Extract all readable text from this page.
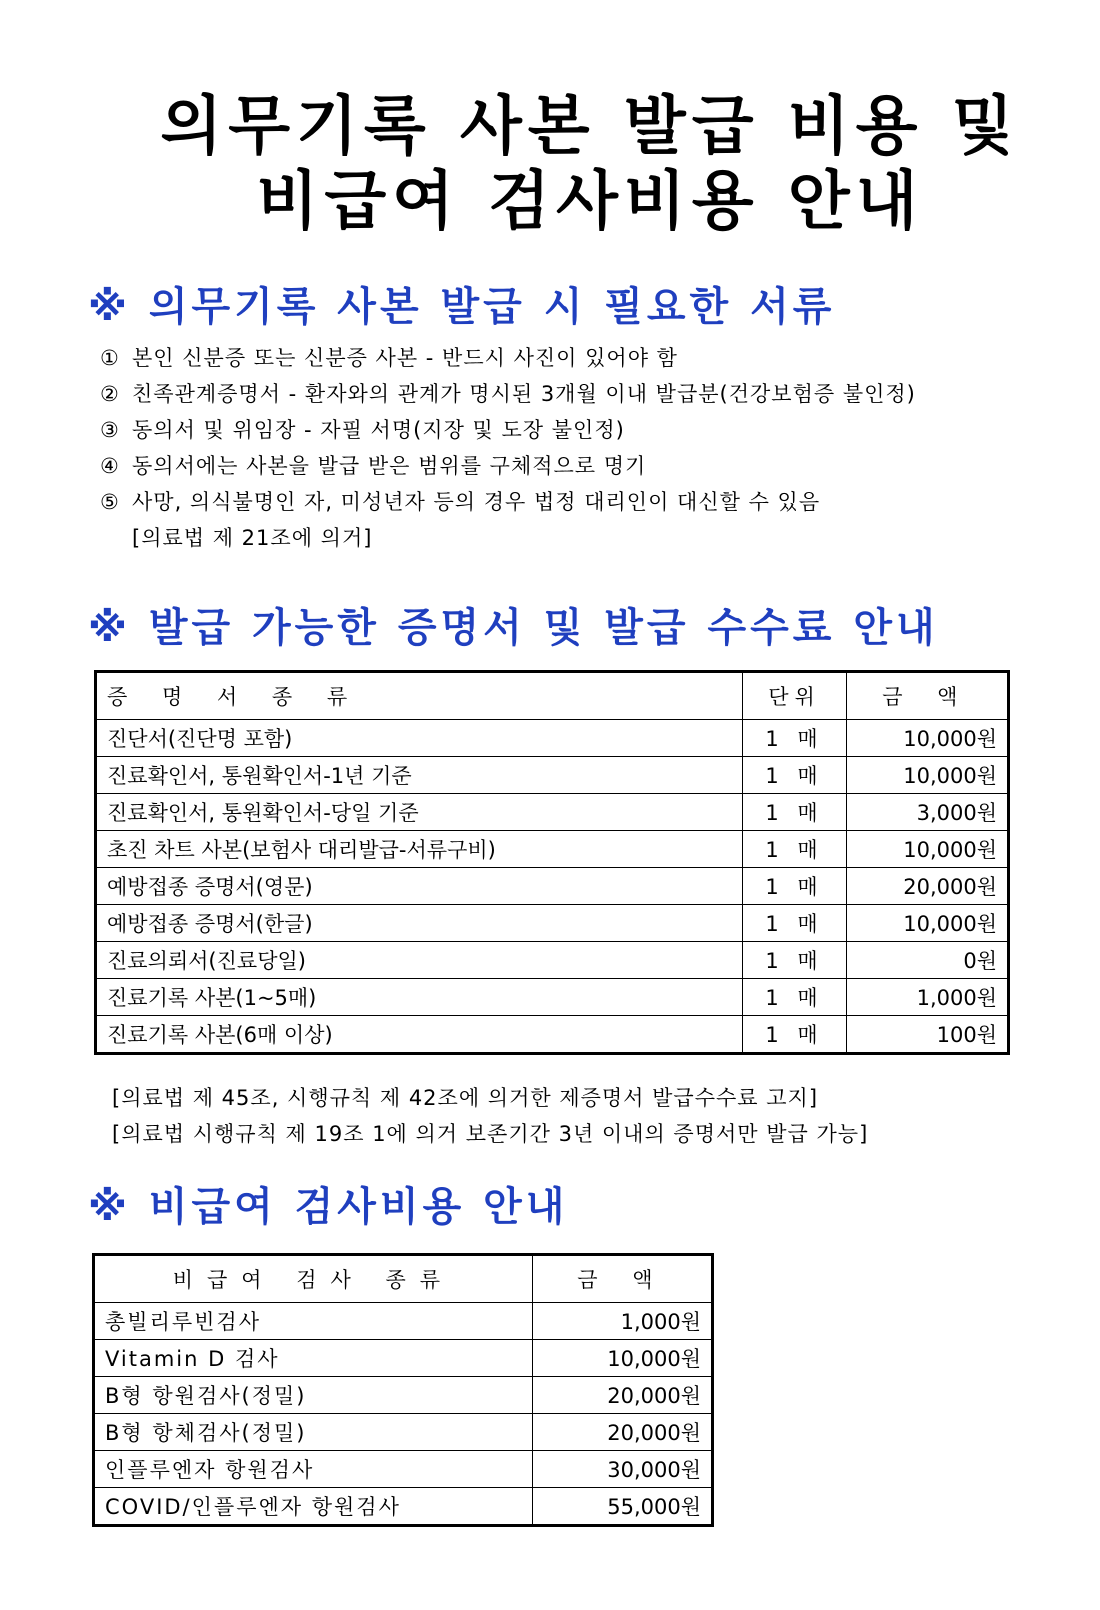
의무기록 사본 발급 비용 및
비급여 검사비용 안내
※ 의무기록 사본 발급 시 필요한 서류
① 본인 신분증 또는 신분증 사본 - 반드시 사진이 있어야 함
② 친족관계증명서 - 환자와의 관계가 명시된 3개월 이내 발급분(건강보험증 불인정)
③ 동의서 및 위임장 - 자필 서명(지장 및 도장 불인정)
④ 동의서에는 사본을 발급 받은 범위를 구체적으로 명기
⑤ 사망, 의식불명인 자, 미성년자 등의 경우 법정 대리인이 대신할 수 있음
[의료법 제 21조에 의거]
※ 발급 가능한 증명서 및 발급 수수료 안내
증 명 서 종 류	단위	금 액
진단서(진단명 포함)	1 매	10,000원
진료확인서, 통원확인서-1년 기준	1 매	10,000원
진료확인서, 통원확인서-당일 기준	1 매	3,000원
초진 차트 사본(보험사 대리발급-서류구비)	1 매	10,000원
예방접종 증명서(영문)	1 매	20,000원
예방접종 증명서(한글)	1 매	10,000원
진료의뢰서(진료당일)	1 매	0원
진료기록 사본(1~5매)	1 매	1,000원
진료기록 사본(6매 이상)	1 매	100원
[의료법 제 45조, 시행규칙 제 42조에 의거한 제증명서 발급수수료 고지]
[의료법 시행규칙 제 19조 1에 의거 보존기간 3년 이내의 증명서만 발급 가능]
※ 비급여 검사비용 안내
비급여 검사 종류	금 액
총빌리루빈검사	1,000원
Vitamin D 검사	10,000원
B형 항원검사(정밀)	20,000원
B형 항체검사(정밀)	20,000원
인플루엔자 항원검사	30,000원
COVID/인플루엔자 항원검사	55,000원
